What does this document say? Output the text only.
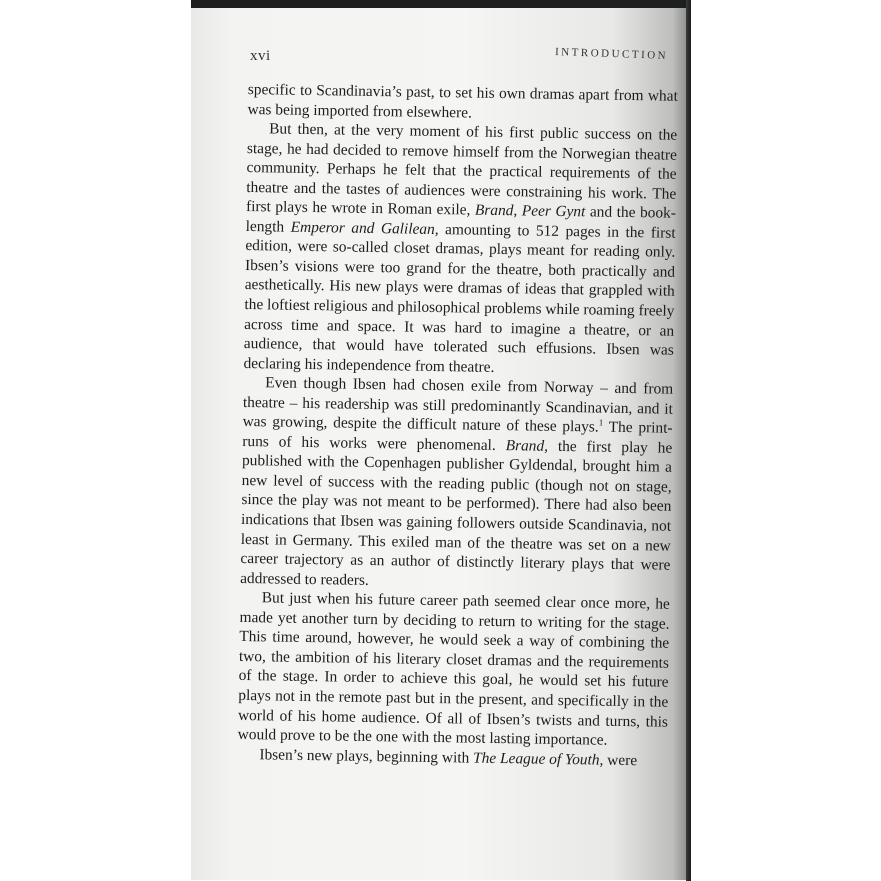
xvi	INTRODUCTION

specific to Scandinavia’s past, to set his own dramas apart from what was being imported from elsewhere.

But then, at the very moment of his first public success on the stage, he had decided to remove himself from the Norwegian theatre community. Perhaps he felt that the practical requirements of the theatre and the tastes of audiences were constraining his work. The first plays he wrote in Roman exile, Brand, Peer Gynt and the book-length Emperor and Galilean, amounting to 512 pages in the first edition, were so-called closet dramas, plays meant for reading only. Ibsen’s visions were too grand for the theatre, both practically and aesthetically. His new plays were dramas of ideas that grappled with the loftiest religious and philosophical problems while roaming freely across time and space. It was hard to imagine a theatre, or an audience, that would have tolerated such effusions. Ibsen was declaring his independence from theatre.

Even though Ibsen had chosen exile from Norway – and from theatre – his readership was still predominantly Scandinavian, and it was growing, despite the difficult nature of these plays.$^1$ The print-runs of his works were phenomenal. Brand, the first play he published with the Copenhagen publisher Gyldendal, brought him a new level of success with the reading public (though not on stage, since the play was not meant to be performed). There had also been indications that Ibsen was gaining followers outside Scandinavia, not least in Germany. This exiled man of the theatre was set on a new career trajectory as an author of distinctly literary plays that were addressed to readers.

But just when his future career path seemed clear once more, he made yet another turn by deciding to return to writing for the stage. This time around, however, he would seek a way of combining the two, the ambition of his literary closet dramas and the requirements of the stage. In order to achieve this goal, he would set his future plays not in the remote past but in the present, and specifically in the world of his home audience. Of all of Ibsen’s twists and turns, this would prove to be the one with the most lasting importance.

Ibsen’s new plays, beginning with The League of Youth, were
